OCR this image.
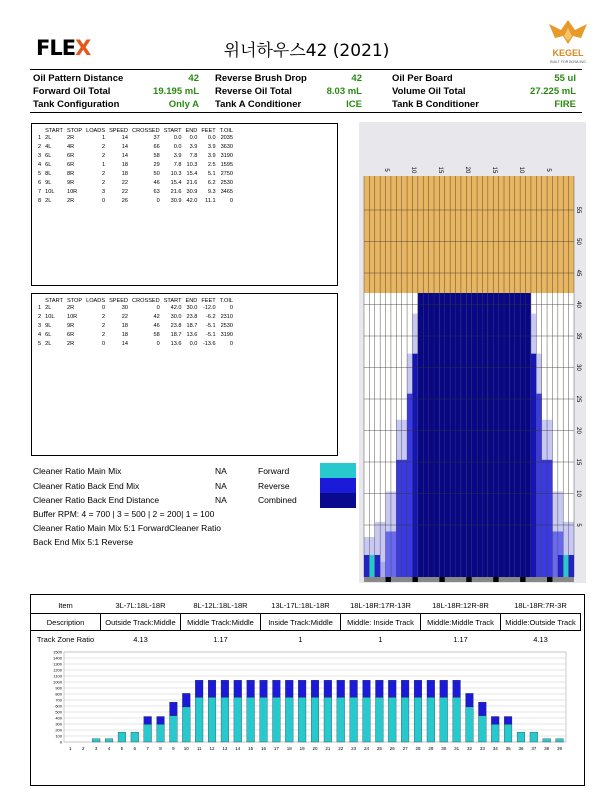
FLEX	위너하우스42 (2021)	KEGEL
BUILT FOR BOWLING
Oil Pattern Distance	42 Reverse Brush Drop	42	Oil Per Board	55 ul
Forward Oil Total	19.195 mL Reverse Oil Total	8.03 mL	Volume Oil Total	27.225 mL
Tank Configuration	Only A Tank A Conditioner	ICE	Tank B Conditioner	FIRE
	START	STOP	LOADS	SPEED	CROSSED	START	END	FEET	T.OIL
1	2L	2R	1	14	37	0.0	0.0	0.0	2035
2	4L	4R	2	14	66	0.0	3.9	3.9	3630
3	6L	6R	2	14	58	3.9	7.8	3.9	3190
4	6L	6R	1	18	29	7.8	10.3	2.5	1595
5	8L	8R	2	18	50	10.3	15.4	5.1	2750
6	9L	9R	2	22	46	15.4	21.6	6.2	2530
7	10L	10R	3	22	63	21.6	30.9	9.3	3465
8	2L	2R	0	26	0	30.9	42.0	11.1	0
	START	STOP	LOADS	SPEED	CROSSED	START	END	FEET	T.OIL
1	2L	2R	0	30	0	42.0	30.0	-12.0	0
2	10L	10R	2	22	42	30.0	23.8	-6.2	2310
3	9L	9R	2	18	46	23.8	18.7	-5.1	2530
4	6L	6R	2	18	58	18.7	13.6	-5.1	3190
5	2L	2R	0	14	0	13.6	0.0	-13.6	0
Cleaner Ratio Main Mix	NA
Cleaner Ratio Back End Mix	NA
Cleaner Ratio Back End Distance	NA
Forward
Reverse
Combined
Buffer RPM: 4 = 700 | 3 = 500 | 2 = 200| 1 = 100
Cleaner Ratio Main Mix 5:1 ForwardCleaner Ratio
Back End Mix 5:1 Reverse
55
50
45
40
35
30
25
20
15
10
5
5	10	15	20	15	10	5
Item	3L-7L:18L-18R	8L-12L:18L-18R	13L-17L:18L-18R	18L-18R:17R-13R	18L-18R:12R-8R	18L-18R:7R-3R
Description	Outside Track:Middle	Middle Track:Middle	Inside Track:Middle	Middle: Inside Track	Middle:Middle Track	Middle:Outside Track
Track Zone Ratio	4.13	1.17	1	1	1.17	4.13
0
100
200
300
400
500
600
700
800
900
1000
1100
1200
1300
1400
1500
1 2 3 4 5 6 7 8 9 10 11 12 13 14 15 16 17 18 19 20 21 22 23 24 25 26 27 28 29 30 31 32 33 34 35 36 37 38 39
